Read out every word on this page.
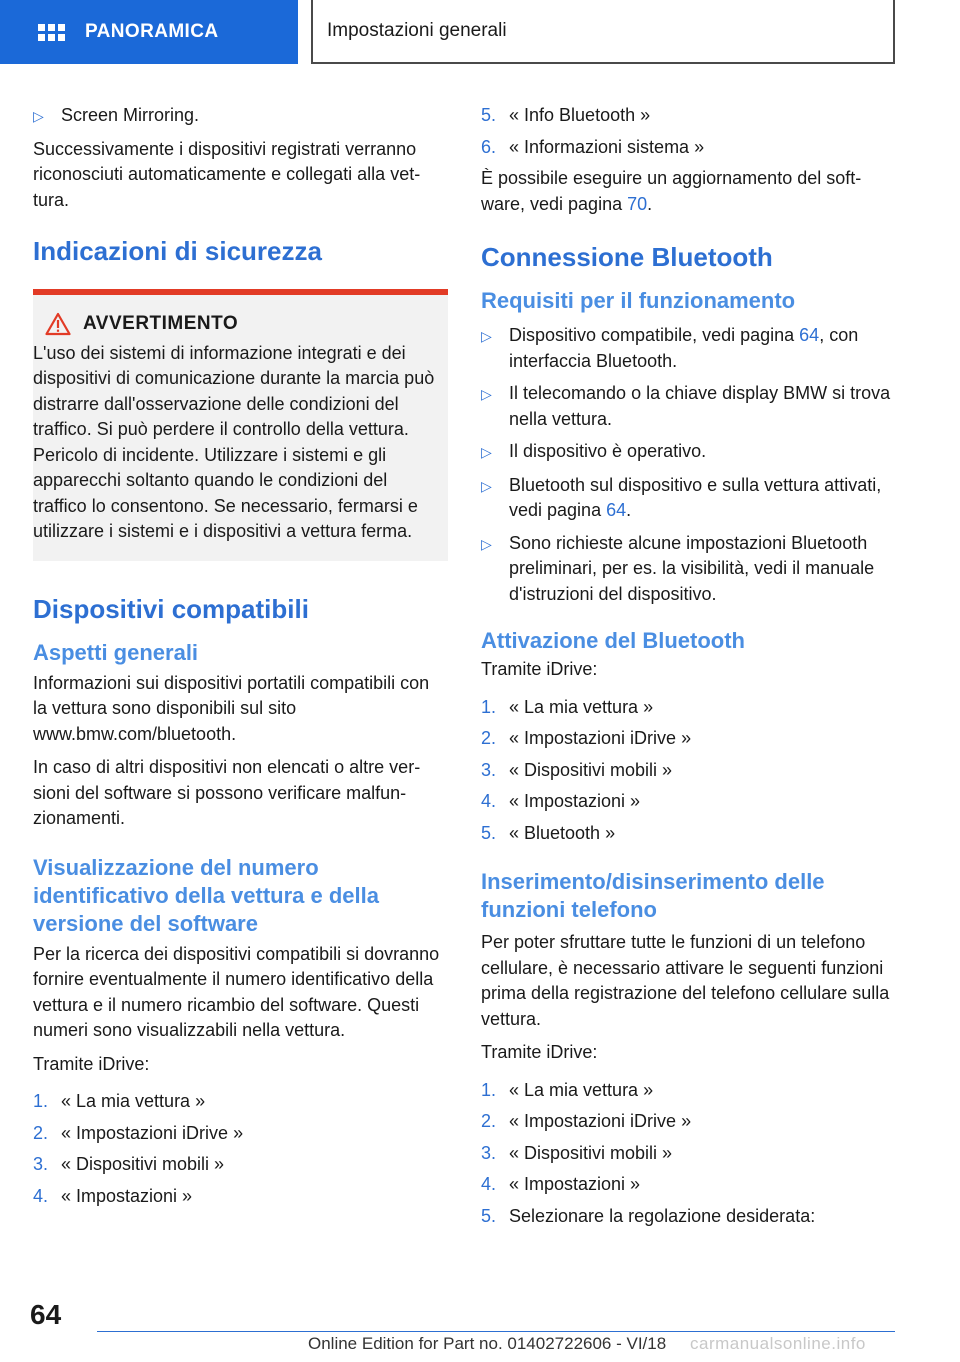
PANORAMICA	Impostazioni generali
▷ Screen Mirroring.

Successivamente i dispositivi registrati verranno riconosciuti automaticamente e collegati alla vettura.

Indicazioni di sicurezza
AVVERTIMENTO
L'uso dei sistemi di informazione integrati e dei dispositivi di comunicazione durante la marcia può distrarre dall'osservazione delle condizioni del traffico. Si può perdere il controllo della vettura. Pericolo di incidente. Utilizzare i sistemi e gli apparecchi soltanto quando le condizioni del traffico lo consentono. Se necessario, fermarsi e utilizzare i sistemi e i dispositivi a vettura ferma.
Dispositivi compatibili
Aspetti generali

Informazioni sui dispositivi portatili compatibili con la vettura sono disponibili sul sito www.bmw.com/bluetooth.

In caso di altri dispositivi non elencati o altre versioni del software si possono verificare malfunzionamenti.

Visualizzazione del numero identificativo della vettura e della versione del software

Per la ricerca dei dispositivi compatibili si dovranno fornire eventualmente il numero identificativo della vettura e il numero ricambio del software. Questi numeri sono visualizzabili nella vettura.

Tramite iDrive:

1. « La mia vettura »
2. « Impostazioni iDrive »
3. « Dispositivi mobili »
4. « Impostazioni »
5. « Info Bluetooth »
6. « Informazioni sistema »

È possibile eseguire un aggiornamento del software, vedi pagina 70.

Connessione Bluetooth
Requisiti per il funzionamento
▷ Dispositivo compatibile, vedi pagina 64, con interfaccia Bluetooth.
▷ Il telecomando o la chiave display BMW si trova nella vettura.
▷ Il dispositivo è operativo.
▷ Bluetooth sul dispositivo e sulla vettura attivati, vedi pagina 64.
▷ Sono richieste alcune impostazioni Bluetooth preliminari, per es. la visibilità, vedi il manuale d'istruzioni del dispositivo.
Attivazione del Bluetooth

Tramite iDrive:

1. « La mia vettura »
2. « Impostazioni iDrive »
3. « Dispositivi mobili »
4. « Impostazioni »
5. « Bluetooth »
Inserimento/disinserimento delle funzioni telefono

Per poter sfruttare tutte le funzioni di un telefono cellulare, è necessario attivare le seguenti funzioni prima della registrazione del telefono cellulare sulla vettura.

Tramite iDrive:

1. « La mia vettura »
2. « Impostazioni iDrive »
3. « Dispositivi mobili »
4. « Impostazioni »
5. Selezionare la regolazione desiderata:
64
Online Edition for Part no. 01402722606 - VI/18 carmanualsonline.info
